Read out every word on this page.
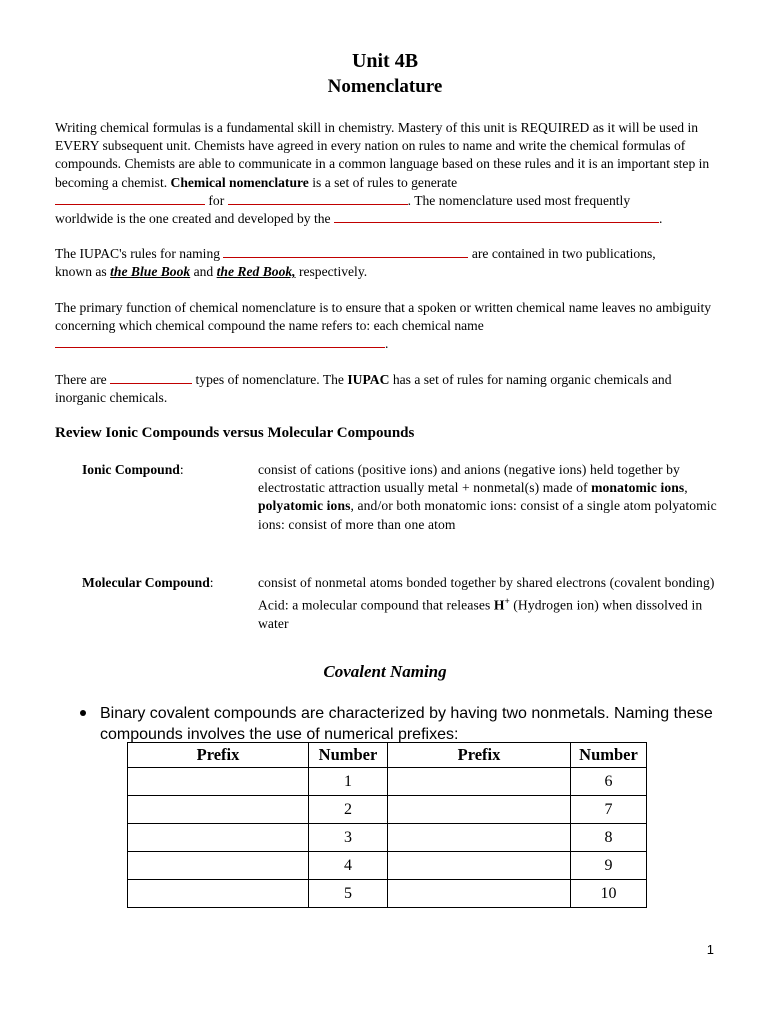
Unit 4B
Nomenclature
Writing chemical formulas is a fundamental skill in chemistry. Mastery of this unit is REQUIRED as it will be used in EVERY subsequent unit. Chemists have agreed in every nation on rules to name and write the chemical formulas of compounds. Chemists are able to communicate in a common language based on these rules and it is an important step in becoming a chemist. Chemical nomenclature is a set of rules to generate
for	. The nomenclature used most frequently
worldwide is the one created and developed by the	.
The IUPAC's rules for naming	are contained in two publications,
known as the Blue Book and the Red Book, respectively.
The primary function of chemical nomenclature is to ensure that a spoken or written chemical name leaves no ambiguity concerning which chemical compound the name refers to: each chemical name
.
There are	types of nomenclature. The IUPAC has a set of rules for naming organic chemicals and inorganic chemicals.
Review Ionic Compounds versus Molecular Compounds
Ionic Compound:	consist of cations (positive ions) and anions (negative ions) held together by electrostatic attraction usually metal + nonmetal(s) made of monatomic ions, polyatomic ions, and/or both monatomic ions: consist of a single atom polyatomic ions: consist of more than one atom
Molecular Compound:	consist of nonmetal atoms bonded together by shared electrons (covalent bonding)
Acid: a molecular compound that releases H+ (Hydrogen ion) when dissolved in water
Covalent Naming
Binary covalent compounds are characterized by having two nonmetals. Naming these compounds involves the use of numerical prefixes:
Prefix	Number	Prefix	Number
	1		6
	2		7
	3		8
	4		9
	5		10
1
